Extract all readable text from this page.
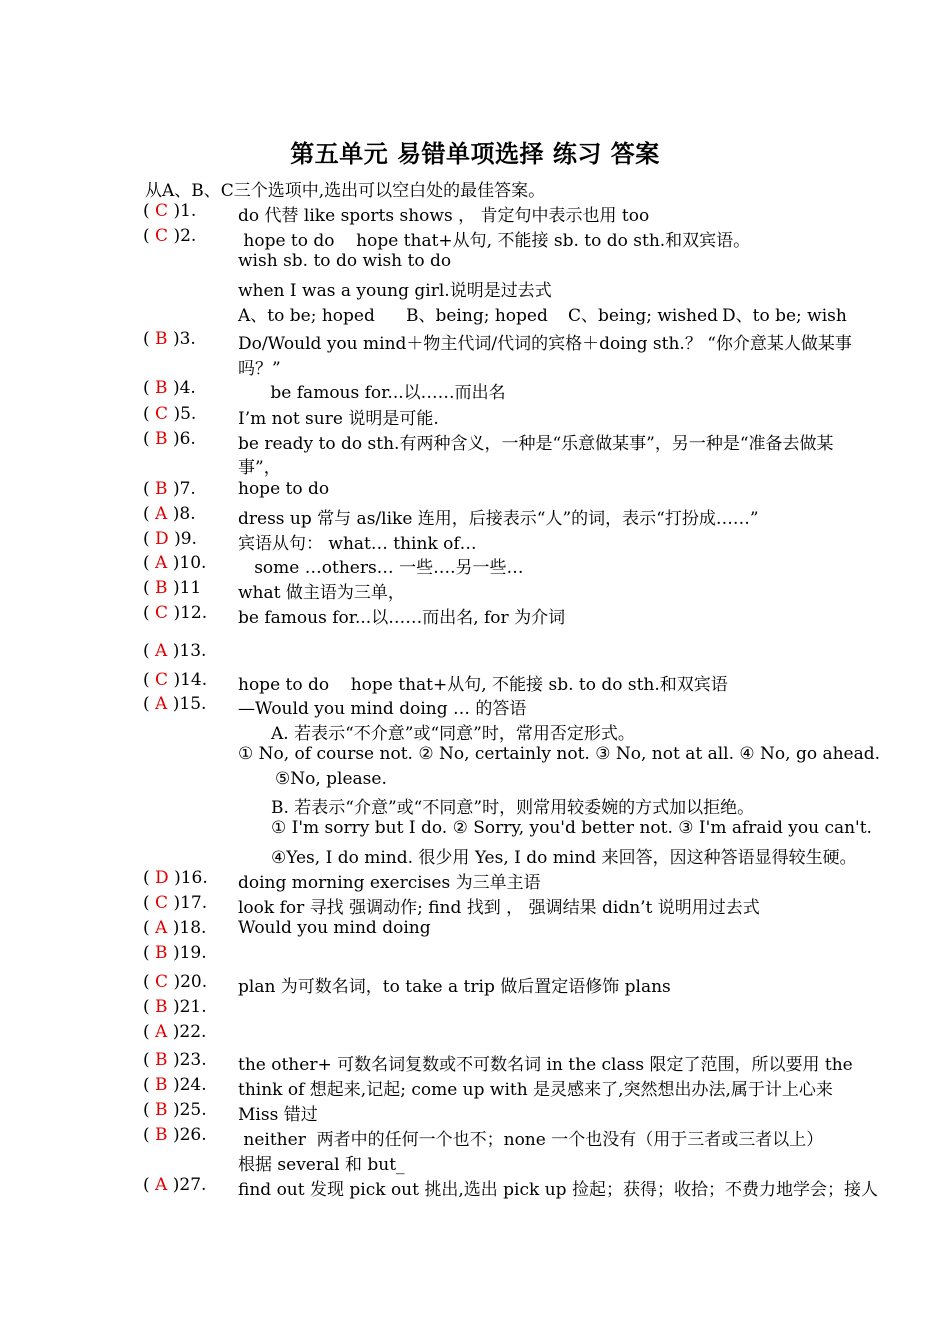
第五单元 易错单项选择 练习 答案
从A、B、C三个选项中,选出可以空白处的最佳答案。
( C )1. do 代替 like sports shows ， 肯定句中表示也用 too
( C )2. hope to do    hope that+从句, 不能接 sb. to do sth.和双宾语。
( B )3. Do/Would you mind＋物主代词/代词的宾格＋doing sth.？ “你介意某人做某事
( B )4. be famous for...以……而出名
( C )5. I’m not sure 说明是可能.
( B )6. be ready to do sth.有两种含义，一种是“乐意做某事”，另一种是“准备去做某
( B )7. hope to do
( A )8. dress up 常与 as/like 连用，后接表示“人”的词，表示“打扮成……”
( D )9. 宾语从句： what… think of…
( A )10. some …others… 一些….另一些…
( B )11 what 做主语为三单，
( C )12. be famous for...以……而出名, for 为介词
( A )13.
( C )14. hope to do    hope that+从句, 不能接 sb. to do sth.和双宾语
( A )15. —Would you mind doing … 的答语
( D )16. doing morning exercises 为三单主语
( C )17. look for 寻找 强调动作; find 找到 ， 强调结果 didn’t 说明用过去式
( A )18. Would you mind doing
( B )19.
( C )20. plan 为可数名词，to take a trip 做后置定语修饰 plans
( B )21.
( A )22.
( B )23. the other+ 可数名词复数或不可数名词 in the class 限定了范围，所以要用 the
( B )24. think of 想起来,记起; come up with 是灵感来了,突然想出办法,属于计上心来
( B )25. Miss 错过
( B )26. neither  两者中的任何一个也不；none 一个也没有（用于三者或三者以上）
( A )27. find out 发现 pick out 挑出,选出 pick up 捡起；获得；收拾；不费力地学会；接人
wish sb. to do wish to do
when I was a young girl.说明是过去式
A、to be; hoped B、being; hoped C、being; wished D、to be; wish
吗？”
事”，
A. 若表示“不介意”或“同意”时，常用否定形式。
① No, of course not. ② No, certainly not. ③ No, not at all. ④ No, go ahead.
⑤No, please.
B. 若表示“介意”或“不同意”时，则常用较委婉的方式加以拒绝。
① I'm sorry but I do. ② Sorry, you'd better not. ③ I'm afraid you can't.
④Yes, I do mind. 很少用 Yes, I do mind 来回答，因这种答语显得较生硬。
根据 several 和 but_
